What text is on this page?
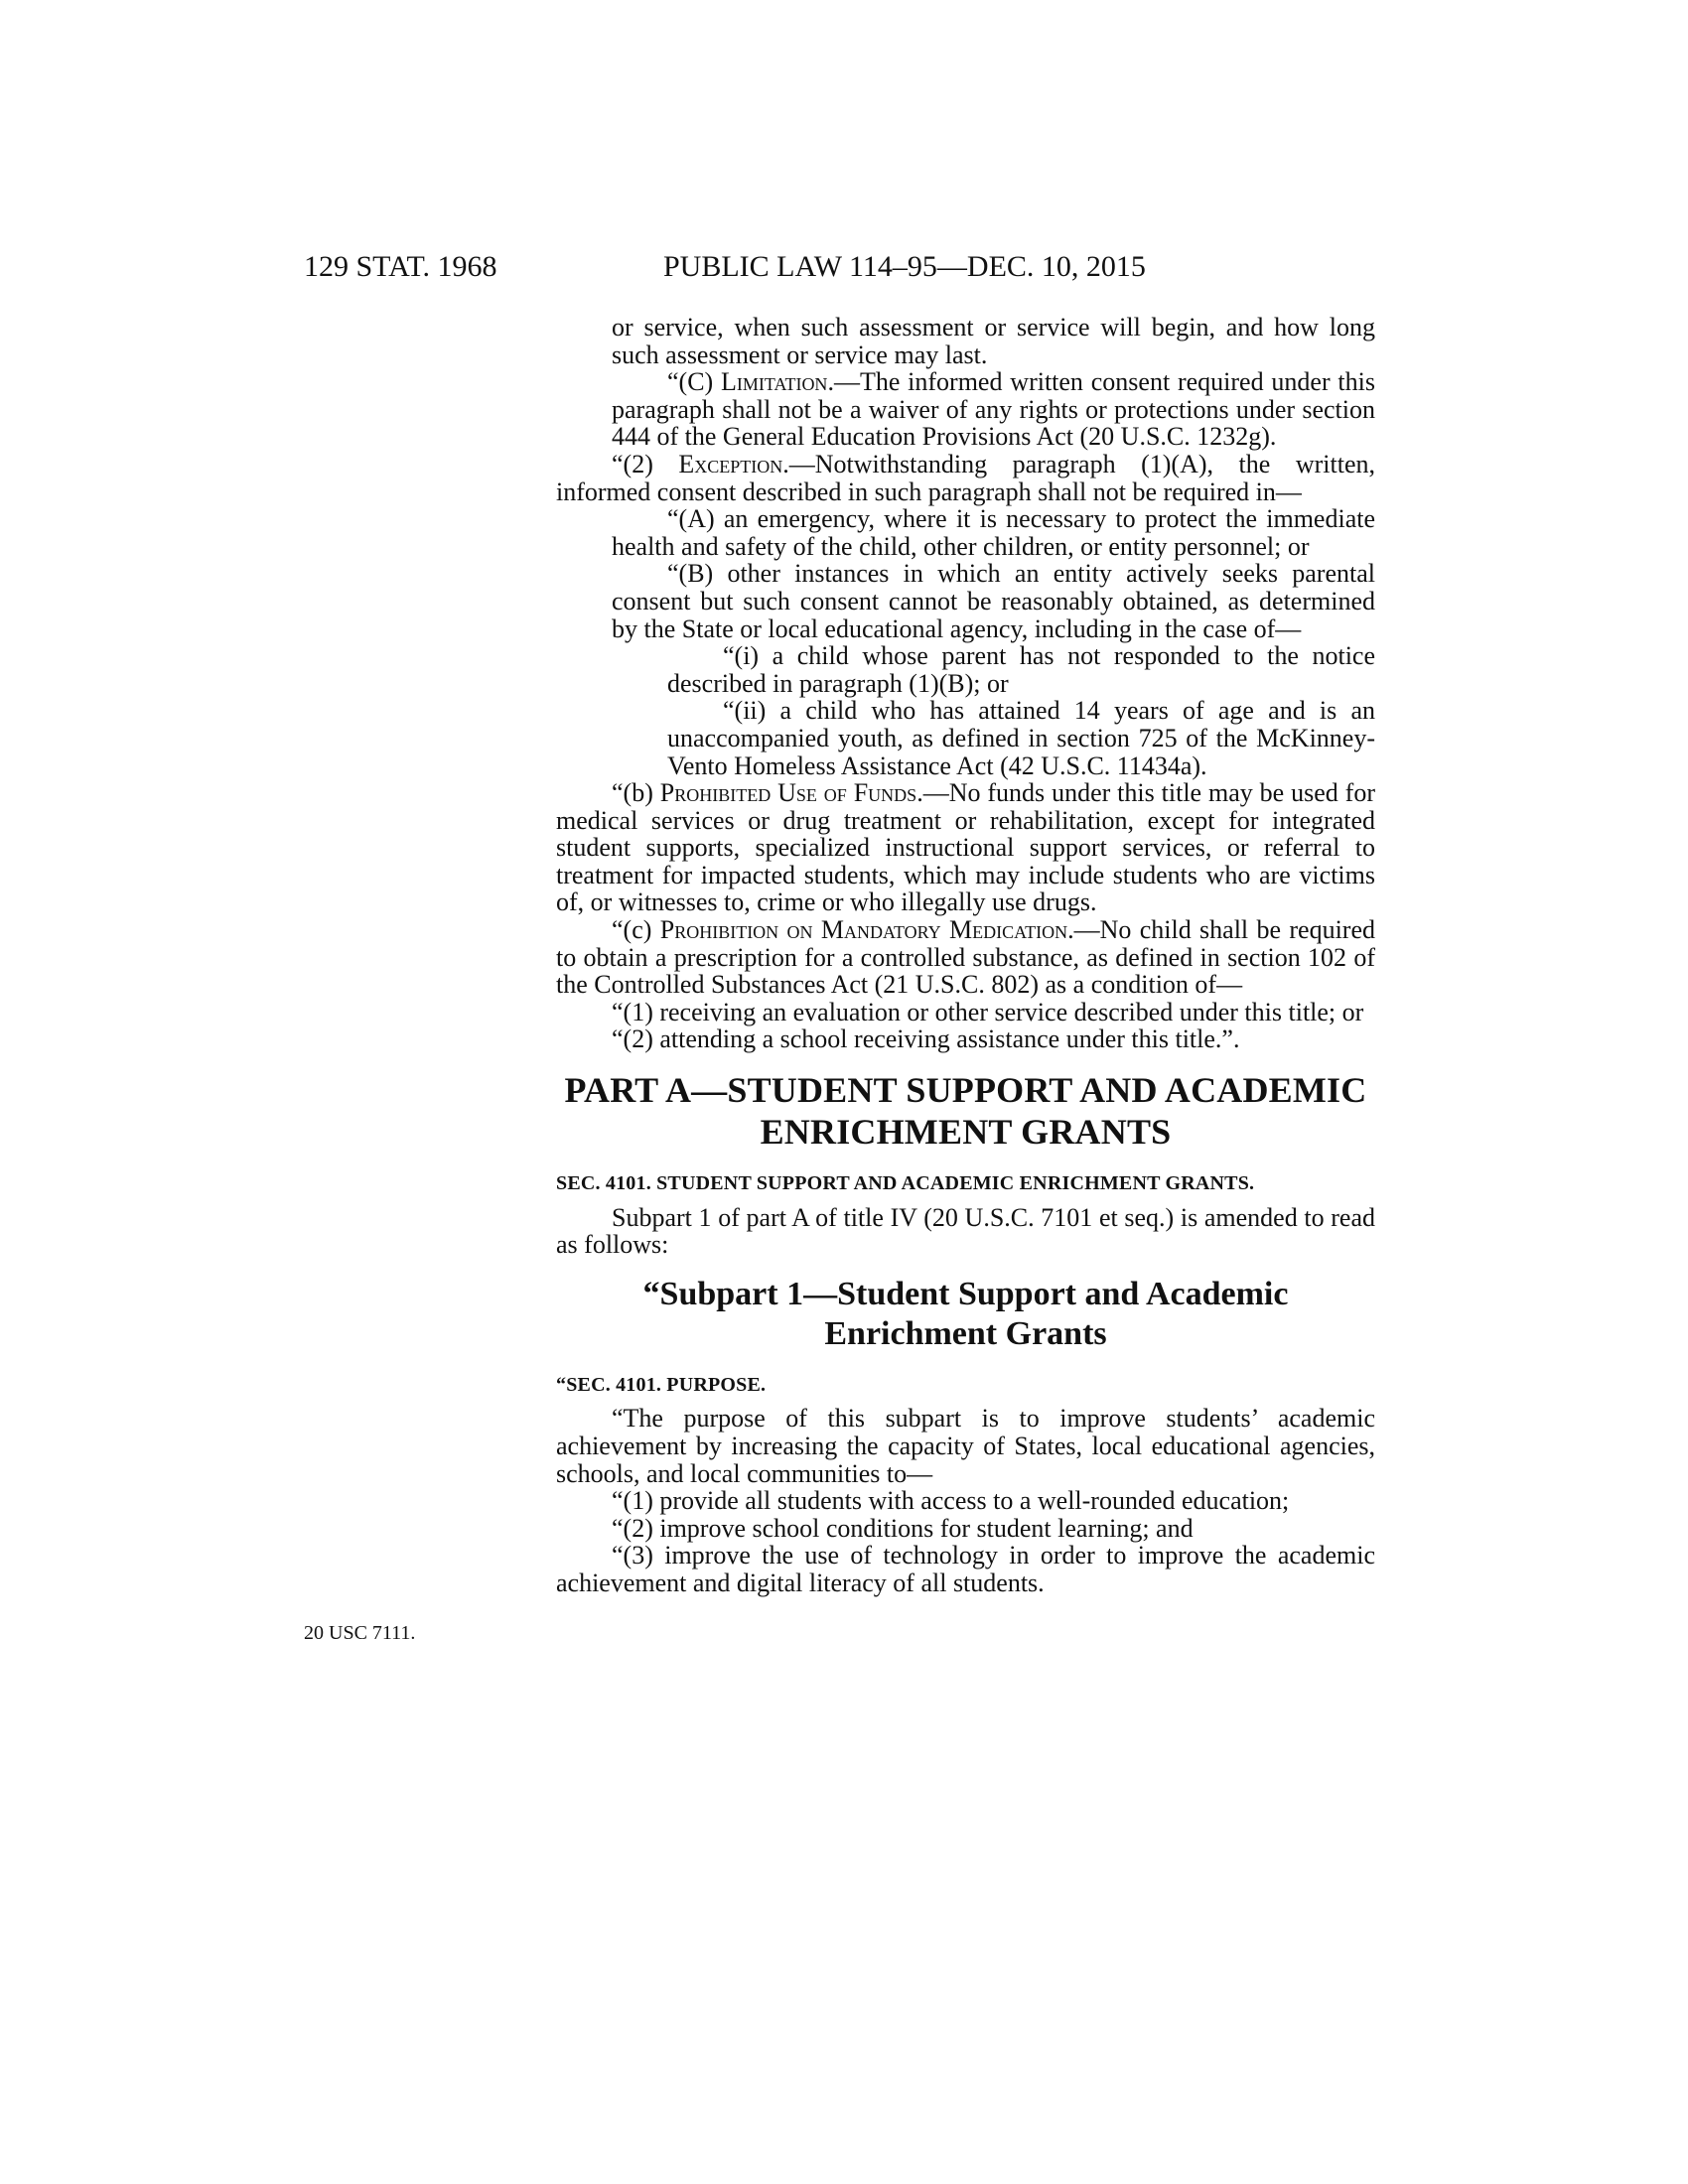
129 STAT. 1968	PUBLIC LAW 114–95—DEC. 10, 2015
20 USC 7111.

or service, when such assessment or service will begin, and how long such assessment or service may last.

“(C) Limitation.—The informed written consent required under this paragraph shall not be a waiver of any rights or protections under section 444 of the General Education Provisions Act (20 U.S.C. 1232g).

“(2) Exception.—Notwithstanding paragraph (1)(A), the written, informed consent described in such paragraph shall not be required in—

“(A) an emergency, where it is necessary to protect the immediate health and safety of the child, other children, or entity personnel; or

“(B) other instances in which an entity actively seeks parental consent but such consent cannot be reasonably obtained, as determined by the State or local educational agency, including in the case of—

“(i) a child whose parent has not responded to the notice described in paragraph (1)(B); or

“(ii) a child who has attained 14 years of age and is an unaccompanied youth, as defined in section 725 of the McKinney-Vento Homeless Assistance Act (42 U.S.C. 11434a).

“(b) Prohibited Use of Funds.—No funds under this title may be used for medical services or drug treatment or rehabilitation, except for integrated student supports, specialized instructional support services, or referral to treatment for impacted students, which may include students who are victims of, or witnesses to, crime or who illegally use drugs.

“(c) Prohibition on Mandatory Medication.—No child shall be required to obtain a prescription for a controlled substance, as defined in section 102 of the Controlled Substances Act (21 U.S.C. 802) as a condition of—

“(1) receiving an evaluation or other service described under this title; or

“(2) attending a school receiving assistance under this title.”.

PART A—STUDENT SUPPORT AND ACADEMIC ENRICHMENT GRANTS
SEC. 4101. STUDENT SUPPORT AND ACADEMIC ENRICHMENT GRANTS.

Subpart 1 of part A of title IV (20 U.S.C. 7101 et seq.) is amended to read as follows:

“Subpart 1—Student Support and Academic Enrichment Grants
“SEC. 4101. PURPOSE.

“The purpose of this subpart is to improve students’ academic achievement by increasing the capacity of States, local educational agencies, schools, and local communities to—

“(1) provide all students with access to a well-rounded education;

“(2) improve school conditions for student learning; and

“(3) improve the use of technology in order to improve the academic achievement and digital literacy of all students.
